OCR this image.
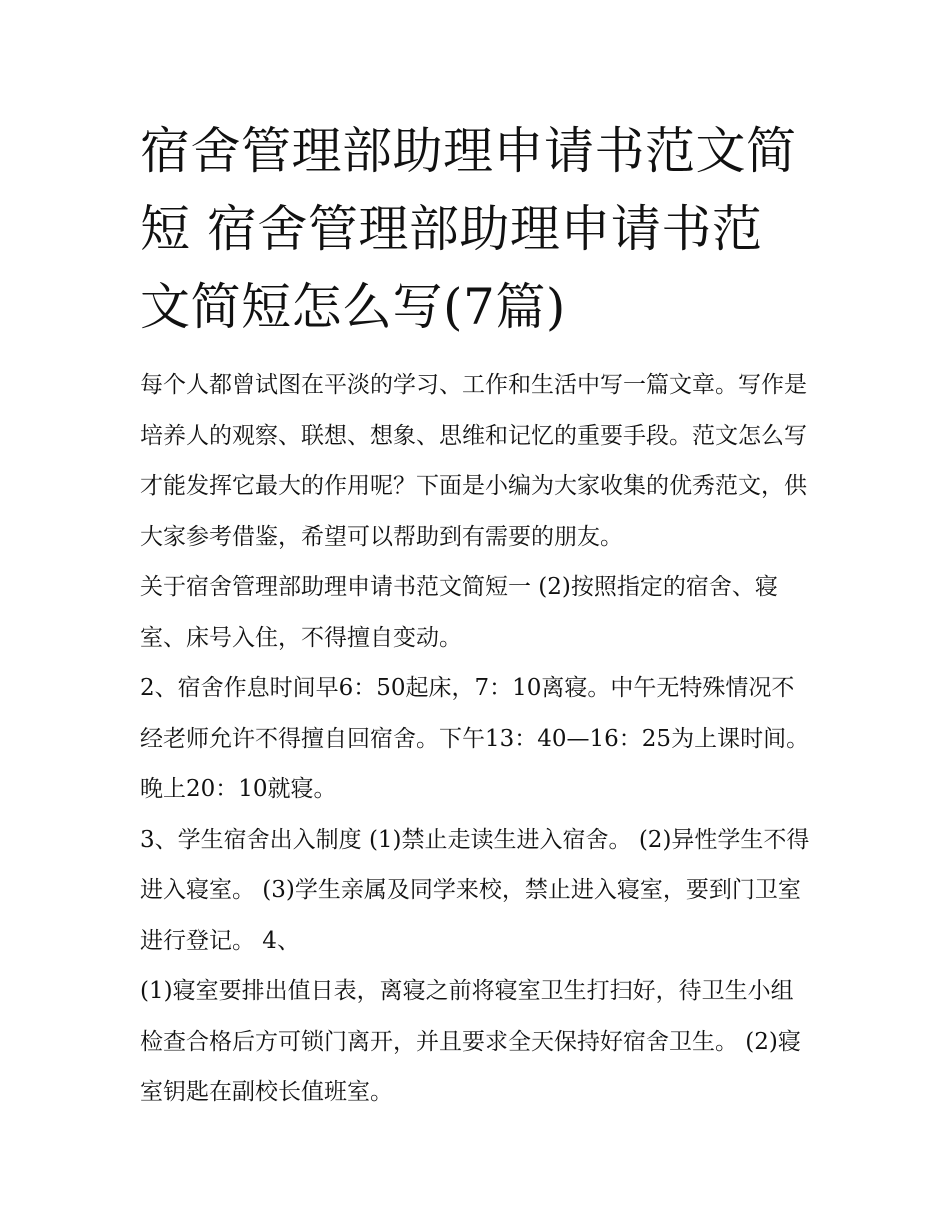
宿舍管理部助理申请书范文简短 宿舍管理部助理申请书范文简短怎么写(7篇)

每个人都曾试图在平淡的学习、工作和生活中写一篇文章。写作是培养人的观察、联想、想象、思维和记忆的重要手段。范文怎么写才能发挥它最大的作用呢？下面是小编为大家收集的优秀范文，供大家参考借鉴，希望可以帮助到有需要的朋友。

关于宿舍管理部助理申请书范文简短一 (2)按照指定的宿舍、寝室、床号入住，不得擅自变动。

2、宿舍作息时间早6：50起床，7：10离寝。中午无特殊情况不经老师允许不得擅自回宿舍。下午13：40—16：25为上课时间。晚上20：10就寝。

3、学生宿舍出入制度 (1)禁止走读生进入宿舍。 (2)异性学生不得进入寝室。 (3)学生亲属及同学来校，禁止进入寝室，要到门卫室进行登记。 4、

(1)寝室要排出值日表，离寝之前将寝室卫生打扫好，待卫生小组检查合格后方可锁门离开，并且要求全天保持好宿舍卫生。 (2)寝室钥匙在副校长值班室。
